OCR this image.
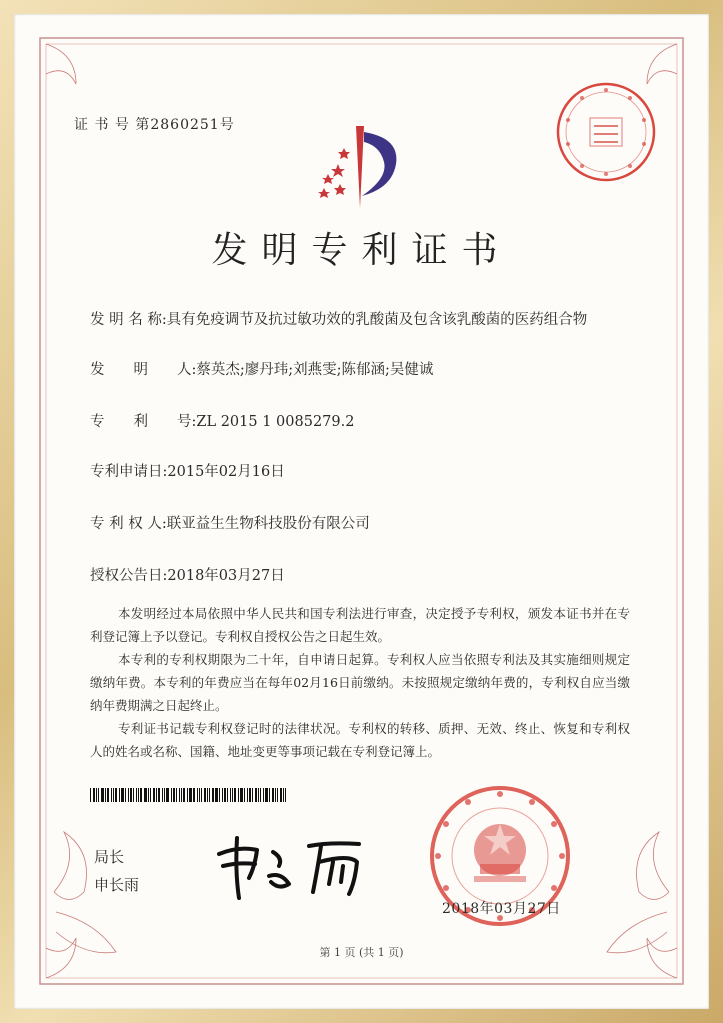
证 书 号 第2860251号
发明专利证书
发 明 名 称:具有免疫调节及抗过敏功效的乳酸菌及包含该乳酸菌的医药组合物
发　　明　　人:蔡英杰;廖丹玮;刘燕雯;陈郁涵;吴健诚
专　　利　　号:ZL 2015 1 0085279.2
专利申请日:2015年02月16日
专 利 权 人:联亚益生生物科技股份有限公司
授权公告日:2018年03月27日
本发明经过本局依照中华人民共和国专利法进行审查，决定授予专利权，颁发本证书并在专利登记簿上予以登记。专利权自授权公告之日起生效。
本专利的专利权期限为二十年，自申请日起算。专利权人应当依照专利法及其实施细则规定缴纳年费。本专利的年费应当在每年02月16日前缴纳。未按照规定缴纳年费的，专利权自应当缴纳年费期满之日起终止。
专利证书记载专利权登记时的法律状况。专利权的转移、质押、无效、终止、恢复和专利权人的姓名或名称、国籍、地址变更等事项记载在专利登记簿上。
局长
申长雨
2018年03月27日
第 1 页 (共 1 页)
